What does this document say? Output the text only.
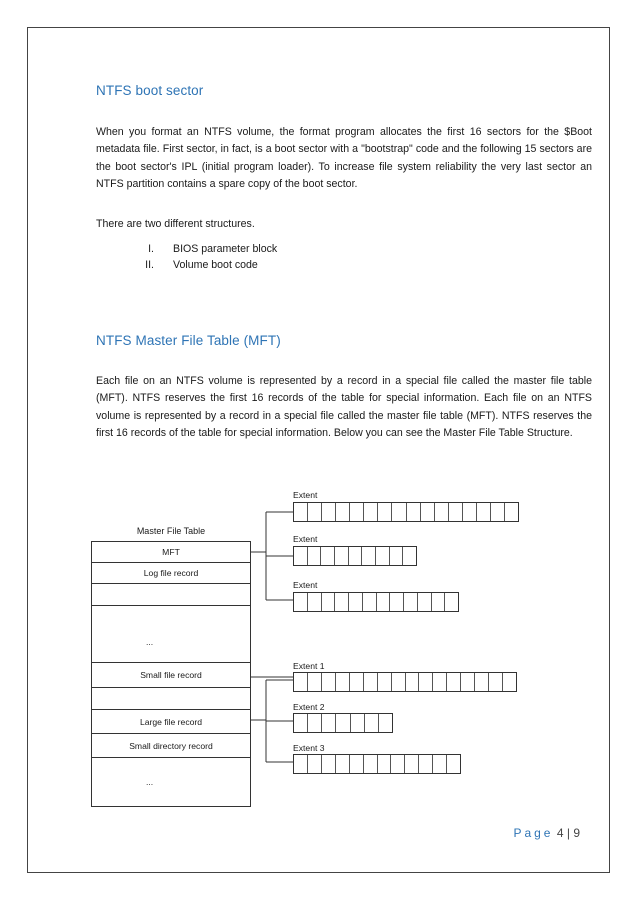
NTFS boot sector

When you format an NTFS volume, the format program allocates the first 16 sectors for the $Boot metadata file. First sector, in fact, is a boot sector with a "bootstrap" code and the following 15 sectors are the boot sector's IPL (initial program loader). To increase file system reliability the very last sector an NTFS partition contains a spare copy of the boot sector.

There are two different structures.

I. BIOS parameter block
II. Volume boot code
NTFS Master File Table (MFT)

Each file on an NTFS volume is represented by a record in a special file called the master file table (MFT). NTFS reserves the first 16 records of the table for special information. Each file on an NTFS volume is represented by a record in a special file called the master file table (MFT). NTFS reserves the first 16 records of the table for special information. Below you can see the Master File Table Structure.

Master File Table
MFT
Log file record
...
Small file record
Large file record
Small directory record
...
Extent
Extent
Extent
Extent 1
Extent 2
Extent 3
Page 4 | 9
